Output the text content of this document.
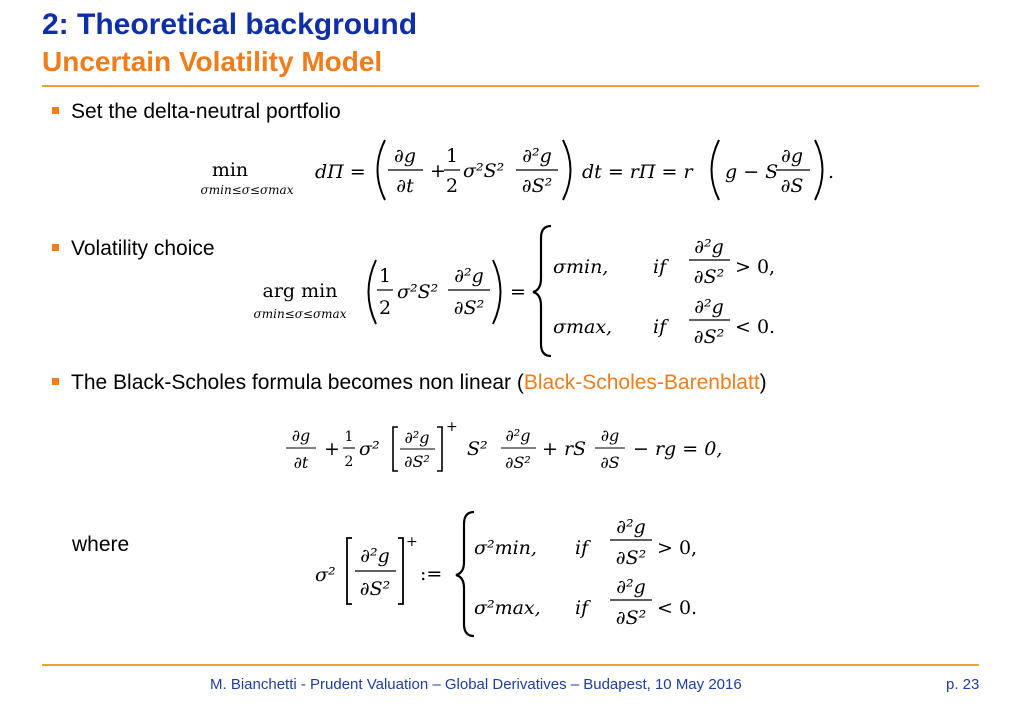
2: Theoretical background
Uncertain Volatility Model
Set the delta-neutral portfolio
min
σmin≤σ≤σmax
dΠ =
∂g
∂t
+
1
2
σ²S²
∂²g
∂S²
dt = rΠ = r g − S
∂g
∂S
.
Volatility choice
arg min
σmin≤σ≤σmax
1
2
σ²S²
∂²g
∂S²
=
σmin, if
∂²g
∂S² > 0,
σmax, if
∂²g
∂S² < 0.
The Black-Scholes formula becomes non linear (Black-Scholes-Barenblatt)
∂g
∂t
+
1
2
σ²
∂²g
∂S²
S²
∂²g
∂S²
+ rS
∂g
∂S
+
− rg = 0,
where
σ²
∂²g
∂S²
+
:=
σ²min, if
∂²g
∂S² > 0,
σ²max, if
∂²g
∂S² < 0.
M. Bianchetti - Prudent Valuation – Global Derivatives – Budapest, 10 May 2016	p. 23
